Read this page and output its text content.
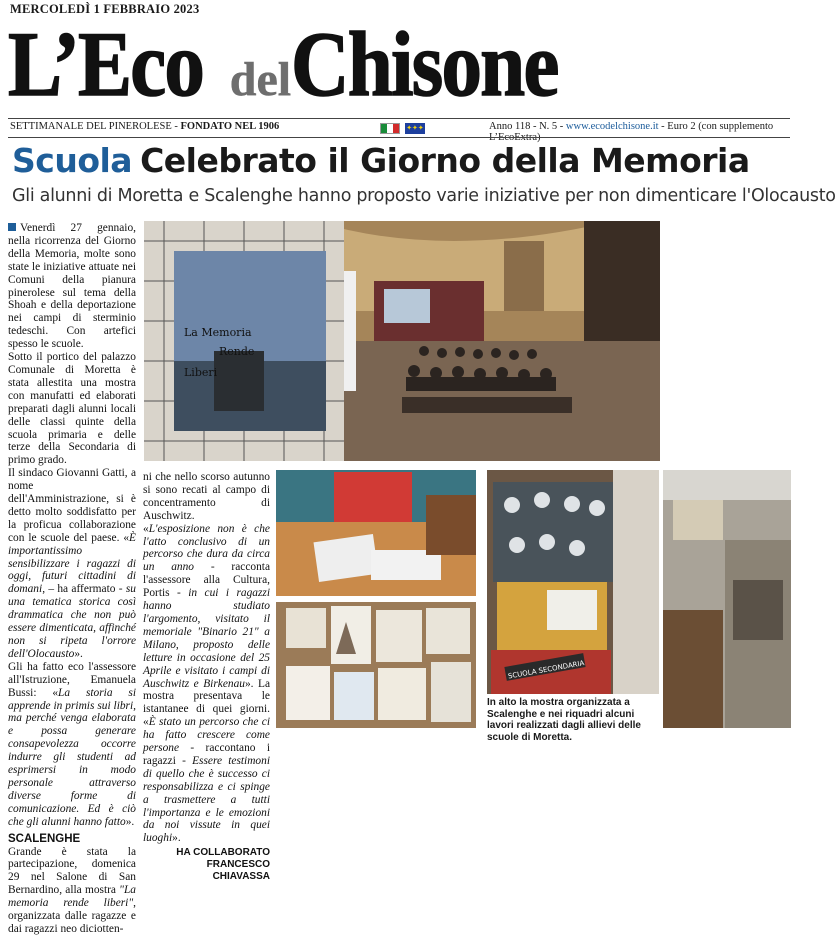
MERCOLEDÌ 1 FEBBRAIO 2023
L’Eco delChisone
SETTIMANALE DEL PINEROLESE - FONDATO NEL 1906	✦✦✦	Anno 118 - N. 5 - www.ecodelchisone.it - Euro 2 (con supplemento
Scuola Celebrato il Giorno della Memoria
Gli alunni di Moretta e Scalenghe hanno proposto varie iniziative per non dimenticare l'Olocausto

Venerdì 27 gennaio, nella ricorrenza del Giorno della Memoria, molte sono state le iniziative attuate nei Comuni della pianura pinerolese sul tema della Shoah e della deportazione nei campi di sterminio tedeschi. Con artefici spesso le scuole.

Sotto il portico del palazzo Comunale di Moretta è stata allestita una mostra con manufatti ed elaborati preparati dagli alunni locali delle classi quinte della scuola primaria e delle terze della Secondaria di primo grado.

Il sindaco Giovanni Gatti, a nome dell'Amministrazione, si è detto molto soddisfatto per la proficua collaborazione con le scuole del paese. «È importantissimo sensibilizzare i ragazzi di oggi, futuri cittadini di domani, – ha affermato - su una tematica storica così drammatica che non può essere dimenticata, affinché non si ripeta l'orrore dell'Olocausto».

Gli ha fatto eco l'assessore all'Istruzione, Emanuela Bussi: «La storia si apprende in primis sui libri, ma perché venga elaborata e possa generare consapevolezza occorre indurre gli studenti ad esprimersi in modo personale attraverso diverse forme di comunicazione. Ed è ciò che gli alunni hanno fatto».

SCALENGHE

Grande è stata la partecipazione, domenica 29 nel Salone di San Bernardino, alla mostra "La memoria rende liberi", organizzata dalle ragazze e dai ragazzi neo diciotten-

ni che nello scorso autunno si sono recati al campo di concentramento di Auschwitz.

«L'esposizione non è che l'atto conclusivo di un percorso che dura da circa un anno - racconta l'assessore alla Cultura, Portis - in cui i ragazzi hanno studiato l'argomento, visitato il memoriale "Binario 21" a Milano, proposto delle letture in occasione del 25 Aprile e visitato i campi di Auschwitz e Birkenau». La mostra presentava le istantanee di quei giorni. «È stato un percorso che ci ha fatto crescere come persone - raccontano i ragazzi - Essere testimoni di quello che è successo ci responsabilizza e ci spinge a trasmettere a tutti l'importanza e le emozioni da noi vissute in quei luoghi».

HA COLLABORATO FRANCESCO
CHIAVASSA

La Memoria
Rende
Liberi
SCUOLA SECONDARIA
In alto la mostra organizzata a Scalenghe e nei riquadri alcuni lavori realizzati dagli allievi delle scuole di Moretta.
